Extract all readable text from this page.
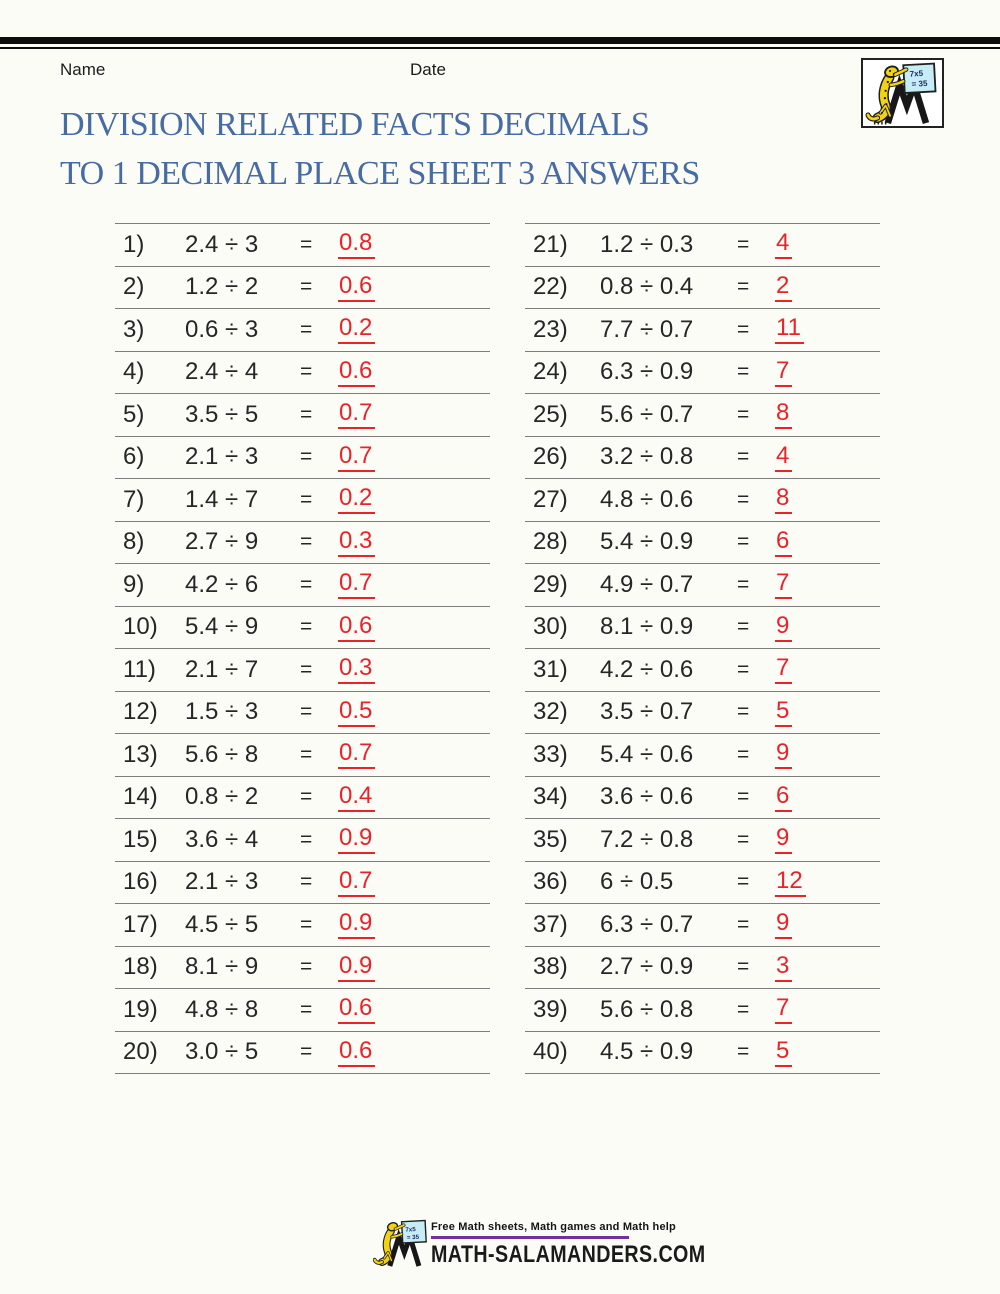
Name	Date	7x5
= 35
DIVISION RELATED FACTS DECIMALS
TO 1 DECIMAL PLACE SHEET 3 ANSWERS
1)	2.4 ÷ 3	=	0.8
2)	1.2 ÷ 2	=	0.6
3)	0.6 ÷ 3	=	0.2
4)	2.4 ÷ 4	=	0.6
5)	3.5 ÷ 5	=	0.7
6)	2.1 ÷ 3	=	0.7
7)	1.4 ÷ 7	=	0.2
8)	2.7 ÷ 9	=	0.3
9)	4.2 ÷ 6	=	0.7
10)	5.4 ÷ 9	=	0.6
11)	2.1 ÷ 7	=	0.3
12)	1.5 ÷ 3	=	0.5
13)	5.6 ÷ 8	=	0.7
14)	0.8 ÷ 2	=	0.4
15)	3.6 ÷ 4	=	0.9
16)	2.1 ÷ 3	=	0.7
17)	4.5 ÷ 5	=	0.9
18)	8.1 ÷ 9	=	0.9
19)	4.8 ÷ 8	=	0.6
20)	3.0 ÷ 5	=	0.6
21)	1.2 ÷ 0.3	=	4
22)	0.8 ÷ 0.4	=	2
23)	7.7 ÷ 0.7	=	11
24)	6.3 ÷ 0.9	=	7
25)	5.6 ÷ 0.7	=	8
26)	3.2 ÷ 0.8	=	4
27)	4.8 ÷ 0.6	=	8
28)	5.4 ÷ 0.9	=	6
29)	4.9 ÷ 0.7	=	7
30)	8.1 ÷ 0.9	=	9
31)	4.2 ÷ 0.6	=	7
32)	3.5 ÷ 0.7	=	5
33)	5.4 ÷ 0.6	=	9
34)	3.6 ÷ 0.6	=	6
35)	7.2 ÷ 0.8	=	9
36)	6 ÷ 0.5	=	12
37)	6.3 ÷ 0.7	=	9
38)	2.7 ÷ 0.9	=	3
39)	5.6 ÷ 0.8	=	7
40)	4.5 ÷ 0.9	=	5
7x5
= 35
Free Math sheets, Math games and Math help
MATH-SALAMANDERS.COM
